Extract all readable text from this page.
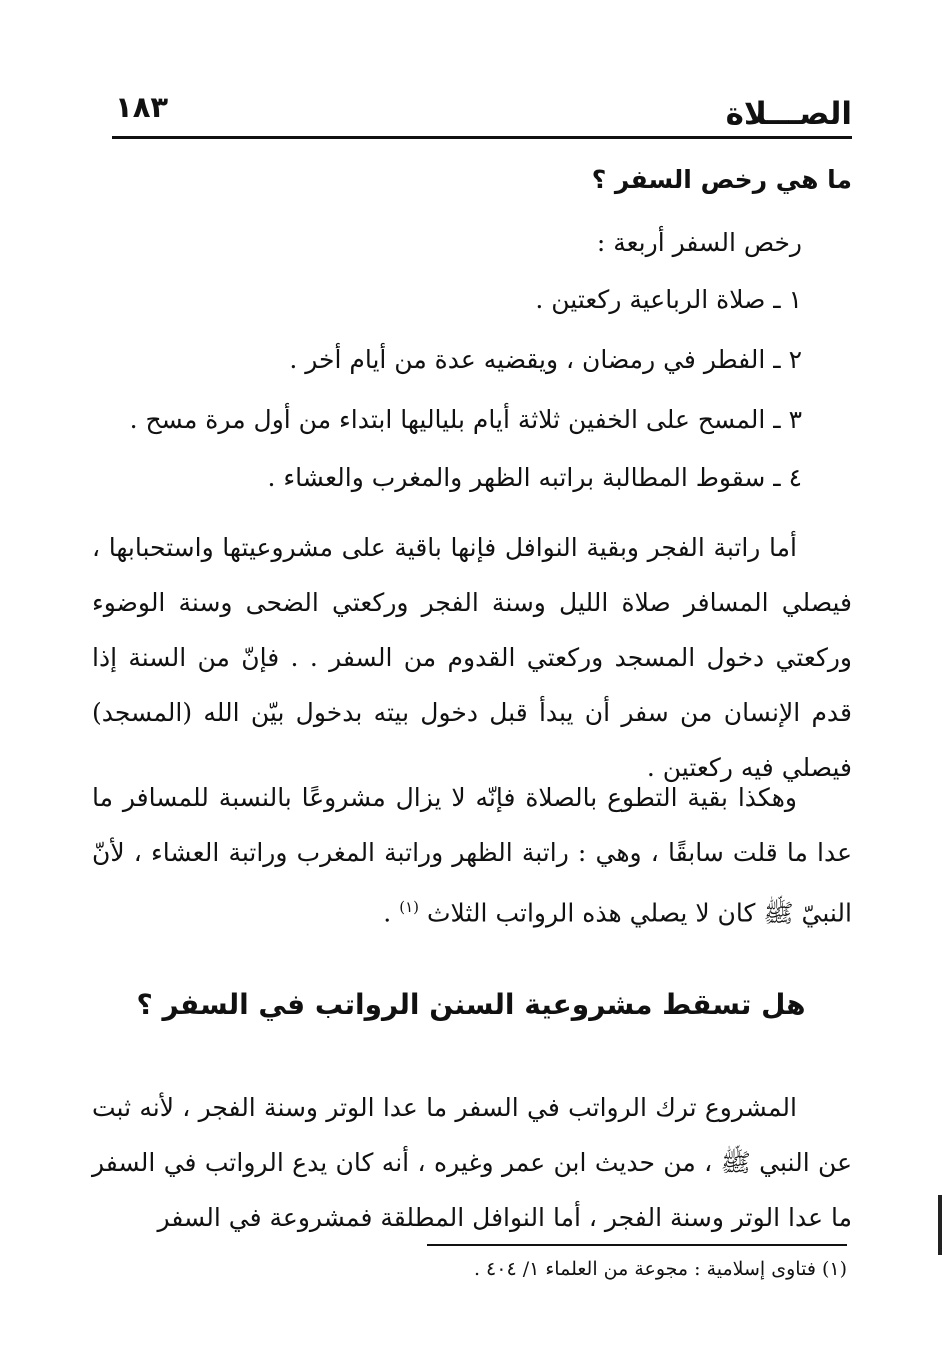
الصـــلاة
١٨٣
ما هي رخص السفر ؟
رخص السفر أربعة :
١ ـ صلاة الرباعية ركعتين .
٢ ـ الفطر في رمضان ، ويقضيه عدة من أيام أخر .
٣ ـ المسح على الخفين ثلاثة أيام بلياليها ابتداء من أول مرة مسح .
٤ ـ سقوط المطالبة براتبه الظهر والمغرب والعشاء .
أما راتبة الفجر وبقية النوافل فإنها باقية على مشروعيتها واستحبابها ، فيصلي المسافر صلاة الليل وسنة الفجر وركعتي الضحى وسنة الوضوء وركعتي دخول المسجد وركعتي القدوم من السفر . . فإنّ من السنة إذا قدم الإنسان من سفر أن يبدأ قبل دخول بيته بدخول بيّن الله (المسجد) فيصلي فيه ركعتين .
وهكذا بقية التطوع بالصلاة فإنّه لا يزال مشروعًا بالنسبة للمسافر ما عدا ما قلت سابقًا ، وهي : راتبة الظهر وراتبة المغرب وراتبة العشاء ، لأنّ النبيّ ﷺ كان لا يصلي هذه الرواتب الثلاث $^{(١)}$ .
هل تسقط مشروعية السنن الرواتب في السفر ؟
المشروع ترك الرواتب في السفر ما عدا الوتر وسنة الفجر ، لأنه ثبت عن النبي ﷺ ، من حديث ابن عمر وغيره ، أنه كان يدع الرواتب في السفر ما عدا الوتر وسنة الفجر ، أما النوافل المطلقة فمشروعة في السفر
(١) فتاوى إسلامية : مجوعة من العلماء ١/ ٤٠٤ .
